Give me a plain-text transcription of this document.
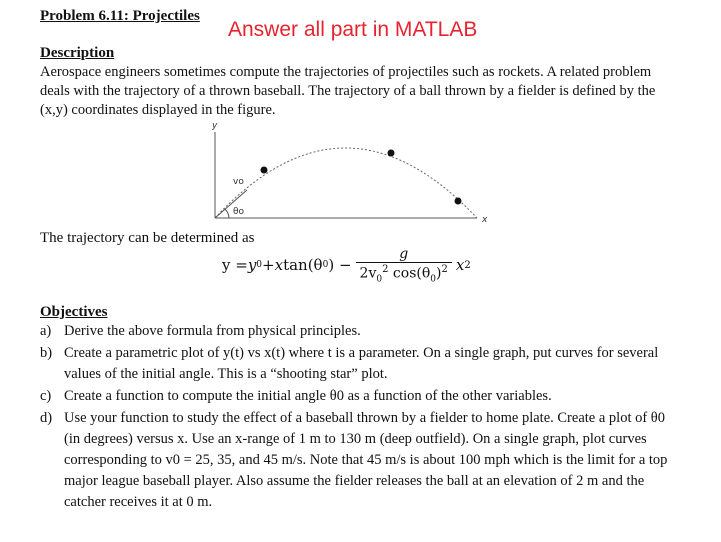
Problem 6.11: Projectiles
Answer all part in MATLAB
Description
Aerospace engineers sometimes compute the trajectories of projectiles such as rockets. A related problem deals with the trajectory of a thrown baseball. The trajectory of a ball thrown by a fielder is defined by the (x,y) coordinates displayed in the figure.
y
x
vo
θo
The trajectory can be determined as
y = y 0 + x tan(θ 0 ) − $\frac{g}{2v_0^2 \cos(\theta_0)^2}$ x 2
Objectives
a) Derive the above formula from physical principles.
b) Create a parametric plot of y(t) vs x(t) where t is a parameter. On a single graph, put curves for several values of the initial angle. This is a “shooting star” plot.
c) Create a function to compute the initial angle θ0 as a function of the other variables.
d) Use your function to study the effect of a baseball thrown by a fielder to home plate. Create a plot of θ0 (in degrees) versus x. Use an x-range of 1 m to 130 m (deep outfield). On a single graph, plot curves corresponding to v0 = 25, 35, and 45 m/s. Note that 45 m/s is about 100 mph which is the limit for a top major league baseball player. Also assume the fielder releases the ball at an elevation of 2 m and the catcher receives it at 0 m.
